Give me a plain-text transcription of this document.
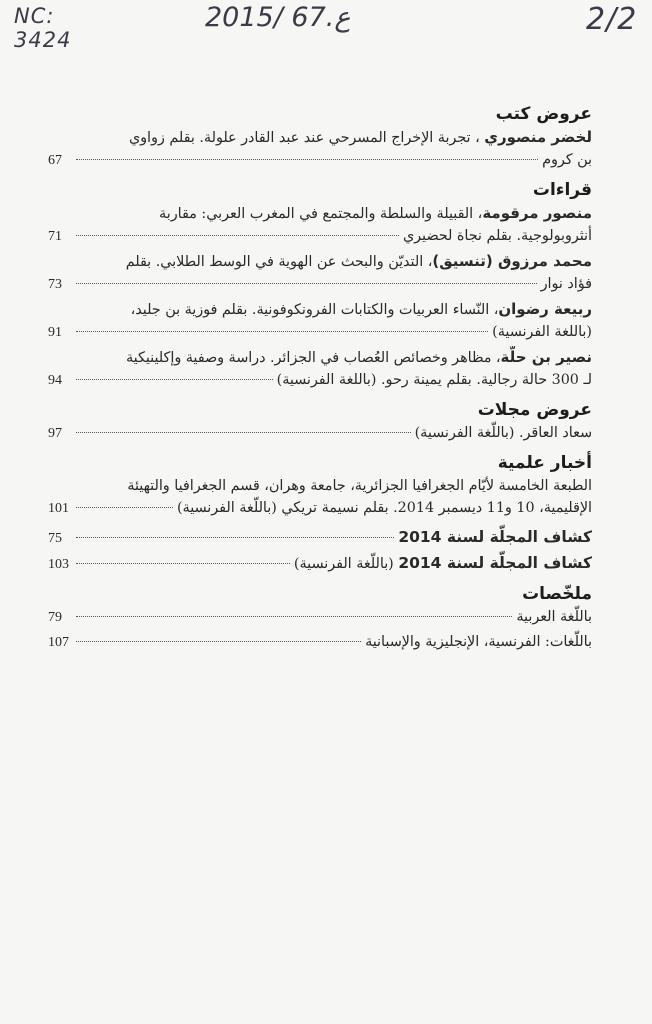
NC: 3424
2015/ 67.ع	2/2
عروض كتب
لخضر منصوري ، تجربة الإخراج المسرحي عند عبد القادر علولة. بقلم زواوي
بن كروم
67
قراءات
منصور مرقومة، القبيلة والسلطة والمجتمع في المغرب العربي: مقاربة
أنثروبولوجية. بقلم نجاة لحضيري
71
محمد مرزوق (تنسيق)، التديّن والبحث عن الهوية في الوسط الطلابي. بقلم
فؤاد نوار
73
ربيعة رضوان، النّساء العربيات والكتابات الفرونكوفونية. بقلم فوزية بن جليد،
(باللغة الفرنسية)
91
نصير بن حلّة، مظاهر وخصائص العُصاب في الجزائر. دراسة وصفية وإكلينيكية
لـ 300 حالة رجالية. بقلم يمينة رحو. (باللغة الفرنسية)
94
عروض مجلات
سعاد العاقر. (باللّغة الفرنسية)
97
أخبار علمية
الطبعة الخامسة لأيّام الجغرافيا الجزائرية، جامعة وهران، قسم الجغرافيا والتهيئة
الإقليمية، 10 و11 ديسمبر 2014. بقلم نسيمة تريكي (باللّغة الفرنسية)
101
كشاف المجلّة لسنة 2014
75
كشاف المجلّة لسنة 2014 (باللّغة الفرنسية)
103
ملخّصات
باللّغة العربية
79
باللّغات: الفرنسية، الإنجليزية والإسبانية
107
